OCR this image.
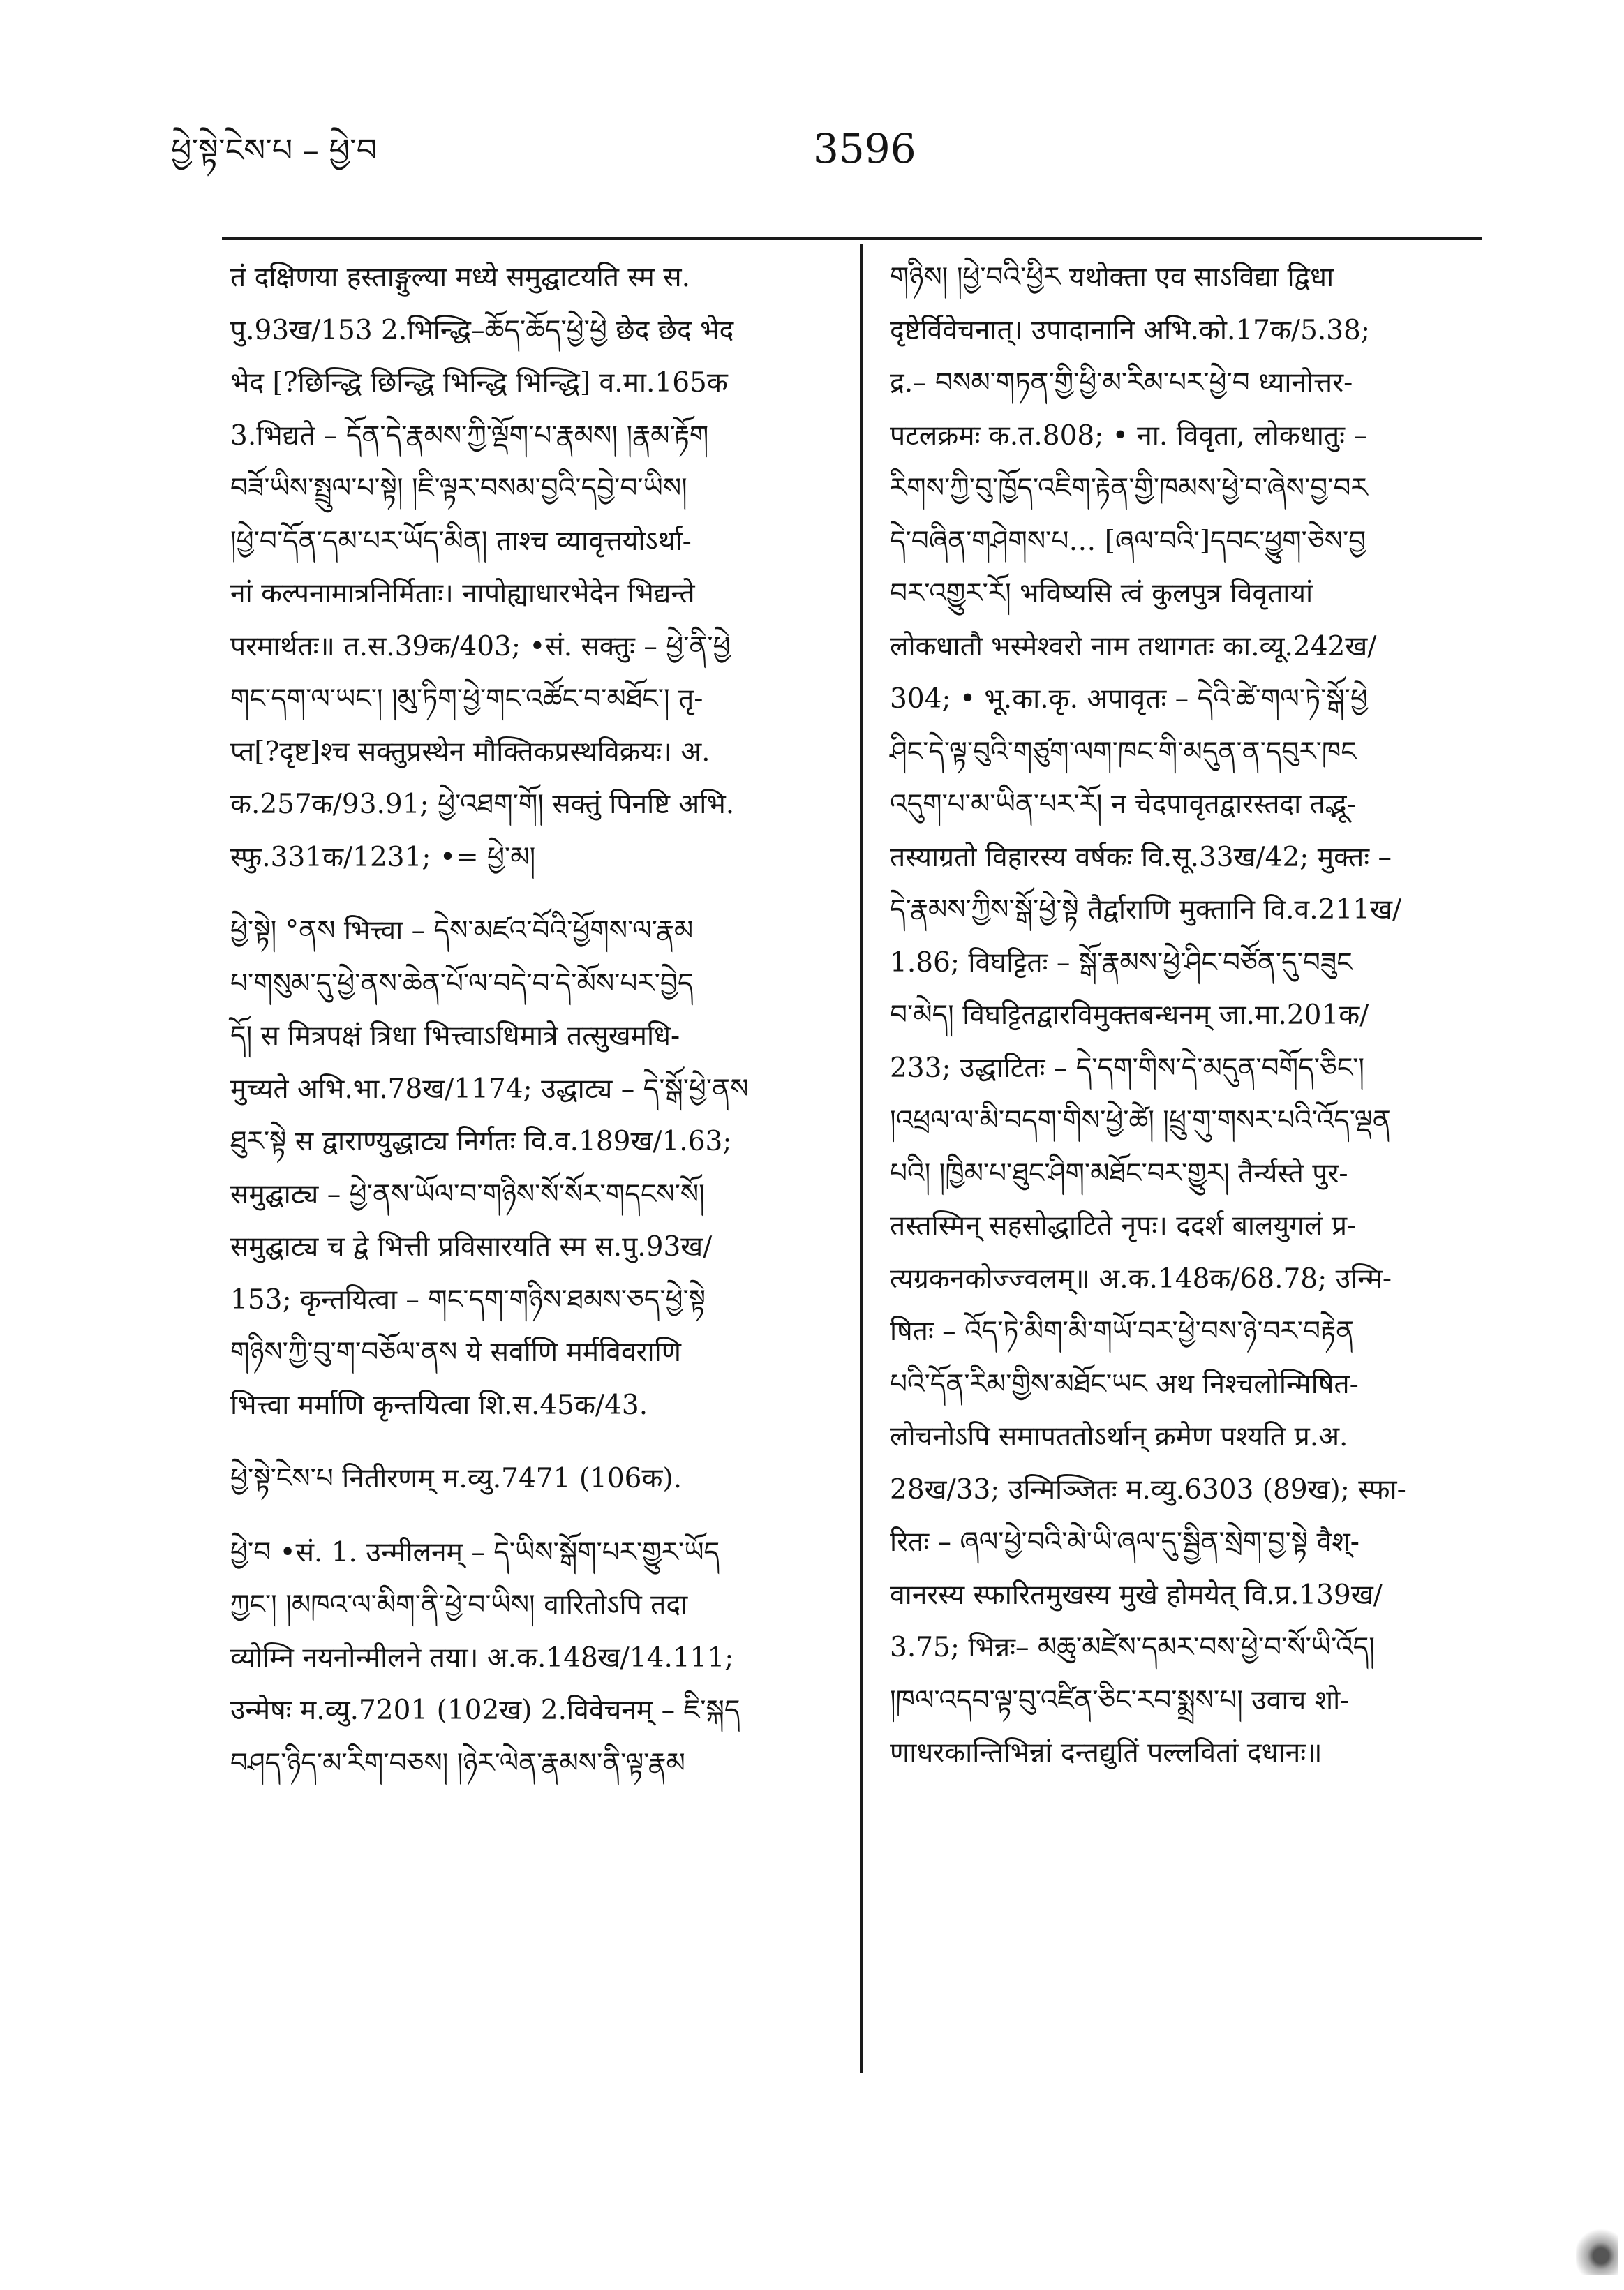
ཕྱེ་སྟེ་ངེས་པ – ཕྱེ་བ	3596
तं दक्षिणया हस्ताङ्गुल्या मध्ये समुद्घाटयति स्म स.
पु.93ख/153 2.भिन्द्धि–ཆོད་ཆོད་ཕྱེ་ཕྱེ छेद छेद भेद
भेद [?छिन्द्धि छिन्द्धि भिन्द्धि भिन्द्धि] व.मा.165क
3.भिद्यते – དོན་དེ་རྣམས་ཀྱི་ལྡོག་པ་རྣམས། །རྣམ་རྟོག
བཟོ་ཡིས་སྤྲུལ་པ་སྟེ། །ཇི་ལྟར་བསམ་བྱའི་དབྱེ་བ་ཡིས།
།ཕྱེ་བ་དོན་དམ་པར་ཡོད་མིན། ताश्च व्यावृत्तयोऽर्था-
नां कल्पनामात्रनिर्मिताः। नापोह्याधारभेदेन भिद्यन्ते
परमार्थतः॥ त.स.39क/403; •सं. सक्तुः – ཕྱེ་ནི་ཕྱེ
གང་དག་ལ་ཡང་། །མུ་ཏིག་ཕྱེ་གང་འཚོང་བ་མཐོང་། तृ-
प्त[?दृष्ट]श्च सक्तुप्रस्थेन मौक्तिकप्रस्थविक्रयः। अ.
क.257क/93.91; ཕྱེ་འཐག་གོ། सक्तुं पिनष्टि अभि.
स्फु.331क/1231; •= ཕྱེ་མ།
ཕྱེ་སྟེ། °ནས भित्त्वा – དེས་མཛའ་བོའི་ཕྱོགས་ལ་རྣམ
པ་གསུམ་དུ་ཕྱེ་ནས་ཆེན་པོ་ལ་བདེ་བ་དེ་མོས་པར་བྱེད
དོ། स मित्रपक्षं त्रिधा भित्त्वाऽधिमात्रे तत्सुखमधि-
मुच्यते अभि.भा.78ख/1174; उद्धाट्य – དེ་སྒོ་ཕྱེ་ནས
ཐུར་སྟེ स द्वाराण्युद्धाट्य निर्गतः वि.व.189ख/1.63;
समुद्घाट्य – ཕྱེ་ནས་ཡོལ་བ་གཉིས་སོ་སོར་གདངས་སོ།
समुद्घाट्य च द्वे भित्ती प्रविसारयति स्म स.पु.93ख/
153; कृन्तयित्वा – གང་དག་གཉིས་ཐམས་ཅད་ཕྱེ་སྟེ
གཉིས་ཀྱི་བུ་ག་བཅོལ་ནས ये सर्वाणि मर्मविवराणि
भित्त्वा मर्माणि कृन्तयित्वा शि.स.45क/43.
ཕྱེ་སྟེ་ངེས་པ नितीरणम् म.व्यु.7471 (106क).
ཕྱེ་བ •सं. 1. उन्मीलनम् – དེ་ཡིས་སྒོག་པར་གྱུར་ཡོད
ཀྱང་། །མཁའ་ལ་མིག་ནི་ཕྱེ་བ་ཡིས། वारितोऽपि तदा
व्योम्नि नयनोन्मीलने तया। अ.क.148ख/14.111;
उन्मेषः म.व्यु.7201 (102ख) 2.विवेचनम् – ཇི་སྐད
བཤད་ཉིད་མ་རིག་བཅས། །ཉེར་ལེན་རྣམས་ནི་ལྟ་རྣམ
གཉིས། །ཕྱེ་བའི་ཕྱིར यथोक्ता एव साऽविद्या द्विधा
दृष्टेर्विवेचनात्। उपादानानि अभि.को.17क/5.38;
द्र.– བསམ་གཏན་གྱི་ཕྱི་མ་རིམ་པར་ཕྱེ་བ ध्यानोत्तर-
पटलक्रमः क.त.808; • ना. विवृता, लोकधातुः –
རིགས་ཀྱི་བུ་ཁྱོད་འཇིག་རྟེན་གྱི་ཁམས་ཕྱེ་བ་ཞེས་བྱ་བར
དེ་བཞིན་གཤེགས་པ… [ཞལ་བའི་]དབང་ཕྱུག་ཅེས་བྱ
བར་འགྱུར་རོ། भविष्यसि त्वं कुलपुत्र विवृतायां
लोकधातौ भस्मेश्वरो नाम तथागतः का.व्यू.242ख/
304; • भू.का.कृ. अपावृतः – དེའི་ཚེ་གལ་ཏེ་སྒོ་ཕྱེ
ཤིང་དེ་ལྟ་བུའི་གཙུག་ལག་ཁང་གི་མདུན་ན་དབུར་ཁང
འདུག་པ་མ་ཡིན་པར་རོ། न चेदपावृतद्वारस्तदा तद्भू-
तस्याग्रतो विहारस्य वर्षकः वि.सू.33ख/42; मुक्तः –
དེ་རྣམས་ཀྱིས་སྒོ་ཕྱེ་སྟེ तैर्द्वाराणि मुक्तानि वि.व.211ख/
1.86; विघट्टितः – སྒོ་རྣམས་ཕྱེ་ཤིང་བཙོན་དུ་བཟུང
བ་མེད། विघट्टितद्वारविमुक्तबन्धनम् जा.मा.201क/
233; उद्धाटितः – དེ་དག་གིས་དེ་མདུན་བགོད་ཅིང་།
།འཕྲལ་ལ་མི་བདག་གིས་ཕྱེ་ཚེ། །ཕྲུ་གུ་གསར་པའི་འོད་ལྡན
པའི། །ཁྱིམ་པ་ཐུང་ཤིག་མཐོང་བར་གྱུར། तैर्न्यस्ते पुर-
तस्तस्मिन् सहसोद्धाटिते नृपः। ददर्श बालयुगलं प्र-
त्यग्रकनकोज्ज्वलम्॥ अ.क.148क/68.78; उन्मि-
षितः – འོད་ཏེ་མིག་མི་གཡོ་བར་ཕྱེ་བས་ཉེ་བར་བརྟེན
པའི་དོན་རིམ་གྱིས་མཐོང་ཡང अथ निश्चलोन्मिषित-
लोचनोऽपि समापततोऽर्थान् क्रमेण पश्यति प्र.अ.
28ख/33; उन्मिञ्जितः म.व्यु.6303 (89ख); स्फा-
रितः – ཞལ་ཕྱེ་བའི་མེ་ཡི་ཞལ་དུ་སྦྱིན་སྲེག་བྱ་སྟེ वैश्-
वानरस्य स्फारितमुखस्य मुखे होमयेत् वि.प्र.139ख/
3.75; भिन्नः– མཆུ་མཛེས་དམར་བས་ཕྱེ་བ་སོ་ཡི་འོད།
།ཁལ་འདབ་ལྟ་བུ་འཛིན་ཅིང་རབ་སྨྲས་པ། उवाच शो-
णाधरकान्तिभिन्नां दन्तद्युतिं पल्लवितां दधानः॥
